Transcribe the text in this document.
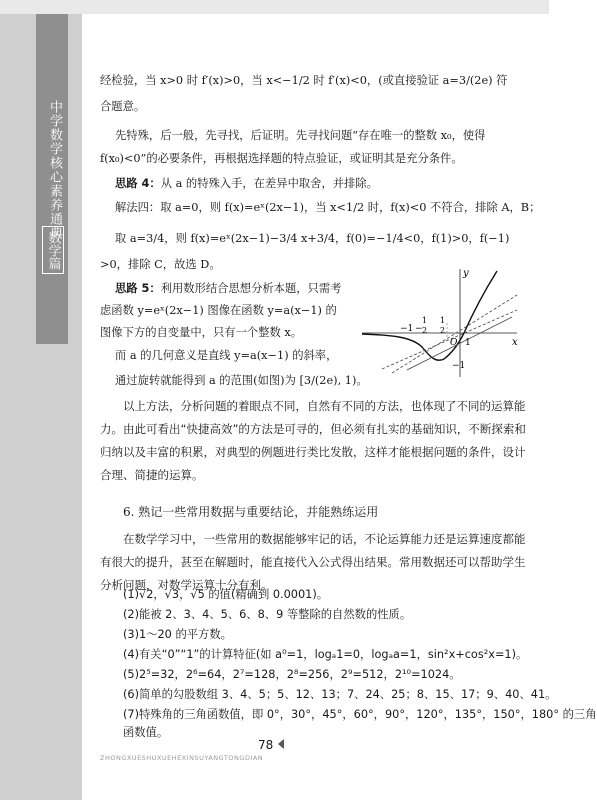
中学数学核心素养通典
数学篇
经检验，当 x>0 时 f′(x)>0，当 x<−1/2 时 f′(x)<0，(或直接验证 a=3/(2e) 符
合题意。
先特殊，后一般，先寻找，后证明。先寻找问题“存在唯一的整数 x₀，使得
f(x₀)<0”的必要条件，再根据选择题的特点验证，或证明其是充分条件。
思路 4：从 a 的特殊入手，在差异中取舍，并排除。
解法四：取 a=0，则 f(x)=eˣ(2x−1)，当 x<1/2 时，f(x)<0 不符合，排除 A，B；
取 a=3/4，则 f(x)=eˣ(2x−1)−3/4 x+3/4，f(0)=−1/4<0，f(1)>0，f(−1)
>0，排除 C，故选 D。
思路 5：利用数形结合思想分析本题，只需考
虑函数 y=eˣ(2x−1) 图像在函数 y=a(x−1) 的
图像下方的自变量中，只有一个整数 x。
而 a 的几何意义是直线 y=a(x−1) 的斜率，
通过旋转就能得到 a 的范围(如图)为 [3/(2e), 1)。
y
x
−1 −
1
2
1
2
O 1
−1
以上方法，分析问题的着眼点不同，自然有不同的方法，也体现了不同的运算能力。由此可看出“快捷高效”的方法是可寻的，但必须有扎实的基础知识，不断探索和归纳以及丰富的积累，对典型的例题进行类比发散，这样才能根据问题的条件，设计合理、简捷的运算。
6. 熟记一些常用数据与重要结论，并能熟练运用
在数学学习中，一些常用的数据能够牢记的话，不论运算能力还是运算速度都能有很大的提升，甚至在解题时，能直接代入公式得出结果。常用数据还可以帮助学生分析问题，对数学运算十分有利。
(1)√2，√3，√5 的值(精确到 0.0001)。
(2)能被 2、3、4、5、6、8、9 等整除的自然数的性质。
(3)1～20 的平方数。
(4)有关“0”“1”的计算特征(如 a⁰=1，logₐ1=0，logₐa=1，sin²x+cos²x=1)。
(5)2⁵=32，2⁶=64，2⁷=128，2⁸=256，2⁹=512，2¹⁰=1024。
(6)简单的勾股数组 3、4、5；5、12、13；7、24、25；8、15、17；9、40、41。
78
ZHONGXUESHUXUEHEXINSUYANGTONGDIAN
(7)特殊角的三角函数值，即 0°，30°，45°，60°，90°，120°，135°，150°，180° 的三角
函数值。
